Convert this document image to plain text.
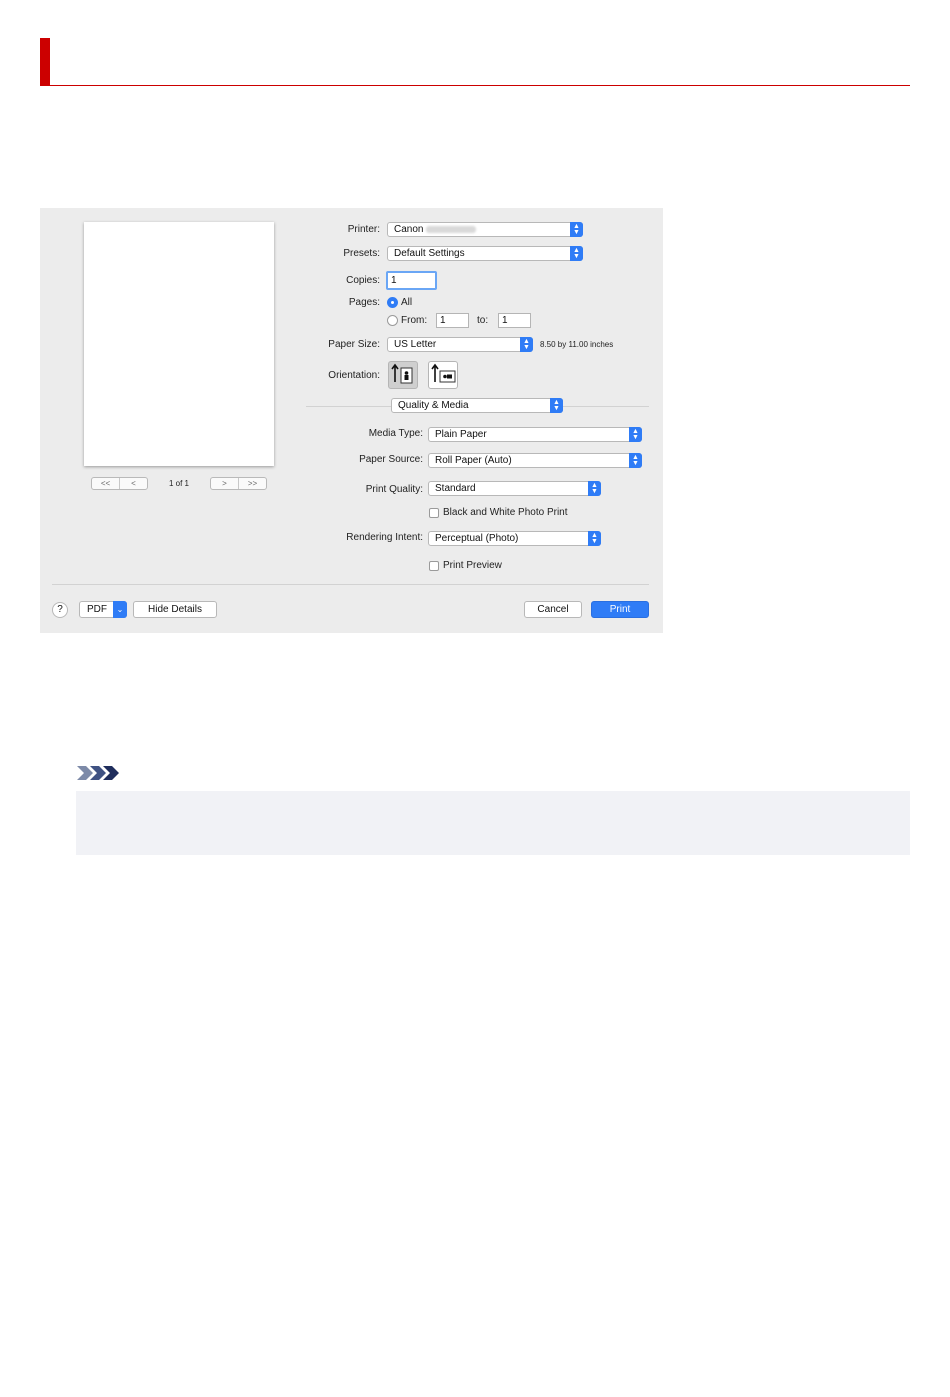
<<	<	1 of 1	>	>>
Printer:	Canon	▲
▼
Presets:	Default Settings	▲
▼
Copies:	1
Pages: All
From:	1	to:	1
Paper Size:	US Letter	▲
▼	8.50 by 11.00 inches
Orientation:
Quality & Media	▲
▼
Media Type:	Plain Paper	▲
▼
Paper Source:	Roll Paper (Auto)	▲
▼
Print Quality:	Standard	▲
▼
Black and White Photo Print
Rendering Intent:	Perceptual (Photo)	▲
▼
Print Preview
?	PDF	⌄	Hide Details	Cancel	Print
